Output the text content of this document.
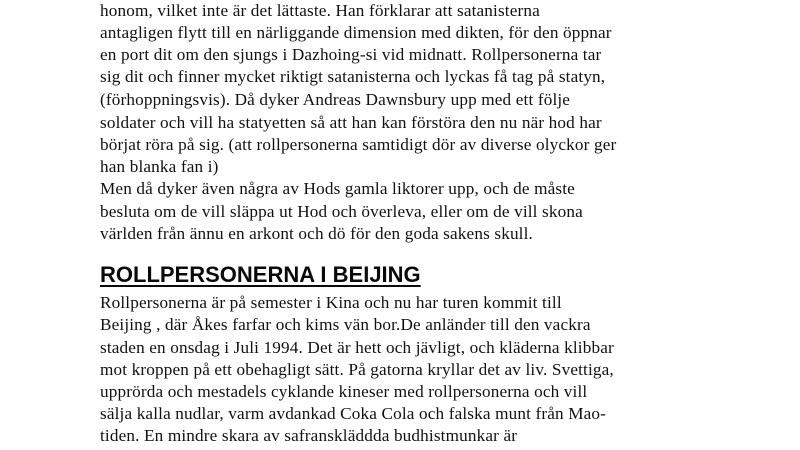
honom, vilket inte är det lättaste. Han förklarar att satanisterna
antagligen flytt till en närliggande dimension med dikten, för den öppnar
en port dit om den sjungs i Dazhoing-si vid midnatt. Rollpersonerna tar
sig dit och finner mycket riktigt satanisterna och lyckas få tag på statyn,
(förhoppningsvis). Då dyker Andreas Dawnsbury upp med ett följe
soldater och vill ha statyetten så att han kan förstöra den nu när hod har
börjat röra på sig. (att rollpersonerna samtidigt dör av diverse olyckor ger
han blanka fan i)
Men då dyker även några av Hods gamla liktorer upp, och de måste
besluta om de vill släppa ut Hod och överleva, eller om de vill skona
världen från ännu en arkont och dö för den goda sakens skull.
ROLLPERSONERNA I BEIJING
Rollpersonerna är på semester i Kina och nu har turen kommit till
Beijing , där Åkes farfar och kims vän bor.De anländer till den vackra
staden en onsdag i Juli 1994. Det är hett och jävligt, och kläderna klibbar
mot kroppen på ett obehagligt sätt. På gatorna kryllar det av liv. Svettiga,
upprörda och mestadels cyklande kineser med rollpersonerna och vill
sälja kalla nudlar, varm avdankad Coka Cola och falska munt från Mao-
tiden. En mindre skara av safranskläddda budhistmunkar är
